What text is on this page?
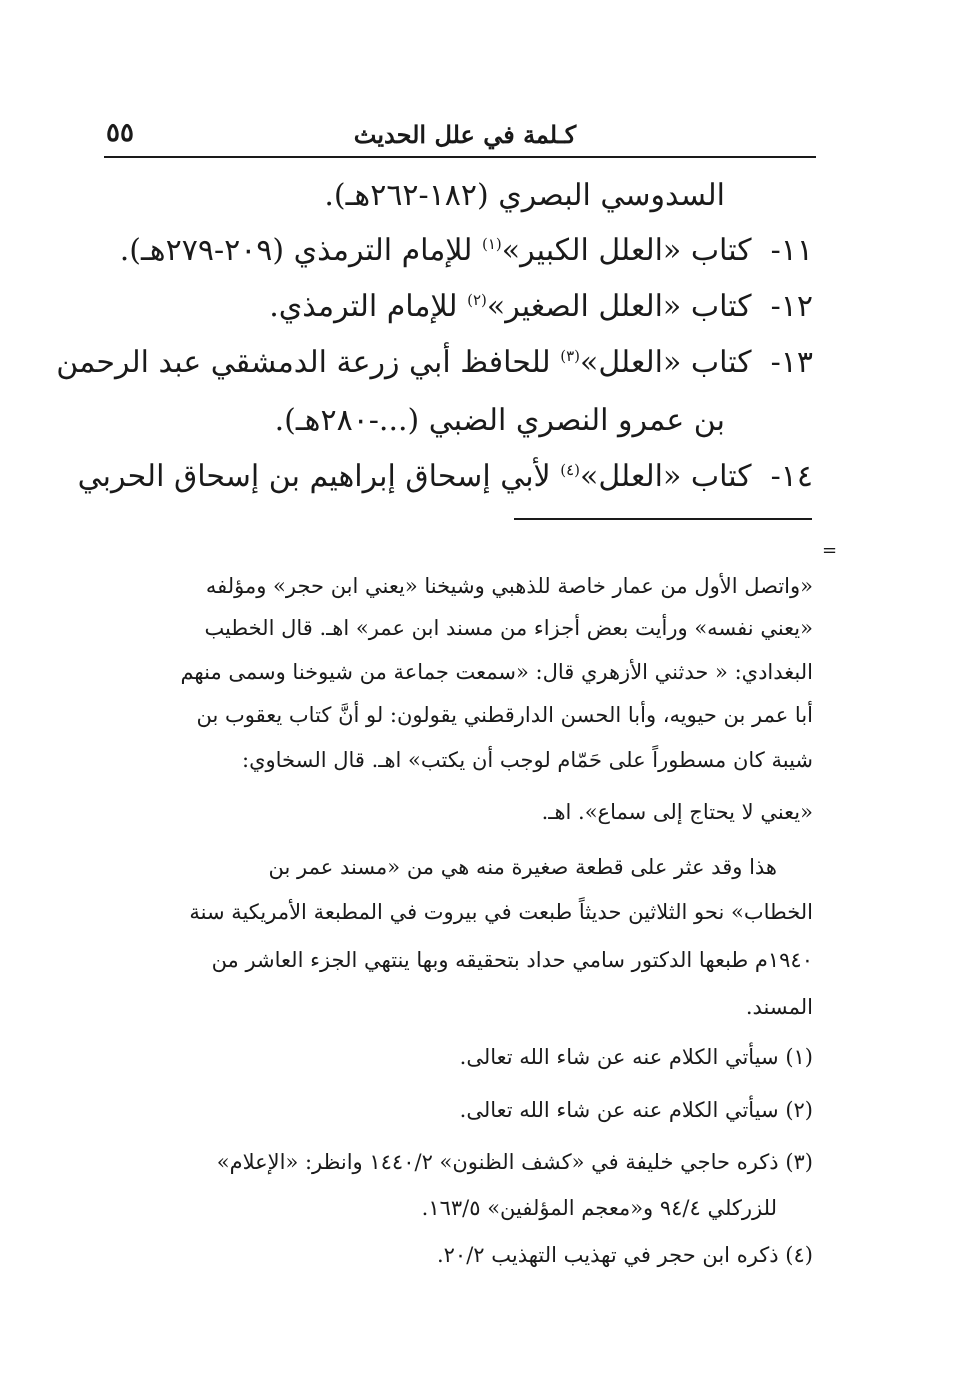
٥٥	كـلمة في علل الحديث
السدوسي البصري (١٨٢-٢٦٢هـ).
١١-  كتاب «العلل الكبير»$^{(١)}$ للإمام الترمذي (٢٠٩-٢٧٩هـ).
١٢-  كتاب «العلل الصغير»$^{(٢)}$ للإمام الترمذي.
١٣-  كتاب «العلل»$^{(٣)}$ للحافظ أبي زرعة الدمشقي عبد الرحمن
بن عمرو النصري الضبي (...-٢٨٠هـ).
١٤-  كتاب «العلل»$^{(٤)}$ لأبي إسحاق إبراهيم بن إسحاق الحربي
=
«واتصل الأول من عمار خاصة للذهبي وشيخنا «يعني ابن حجر» ومؤلفه
«يعني نفسه» ورأيت بعض أجزاء من مسند ابن عمر» اهـ. قال الخطيب
البغدادي: « حدثني الأزهري قال: «سمعت جماعة من شيوخنا وسمى منهم
أبا عمر بن حيويه، وأبا الحسن الدارقطني يقولون: لو أنَّ كتاب يعقوب بن
شيبة كان مسطوراً على حَمّام لوجب أن يكتب» اهـ. قال السخاوي:
«يعني لا يحتاج إلى سماع». اهـ.
هذا وقد عثر على قطعة صغيرة منه هي من «مسند عمر بن
الخطاب» نحو الثلاثين حديثاً طبعت في بيروت في المطبعة الأمريكية سنة
١٩٤٠م طبعها الدكتور سامي حداد بتحقيقه وبها ينتهي الجزء العاشر من
المسند.
(١) سيأتي الكلام عنه عن شاء الله تعالى.
(٢) سيأتي الكلام عنه عن شاء الله تعالى.
(٣) ذكره حاجي خليفة في «كشف الظنون» ١٤٤٠/٢ وانظر: «الإعلام»
للزركلي ٩٤/٤ و«معجم المؤلفين» ١٦٣/٥.
(٤) ذكره ابن حجر في تهذيب التهذيب ٢٠/٢.
